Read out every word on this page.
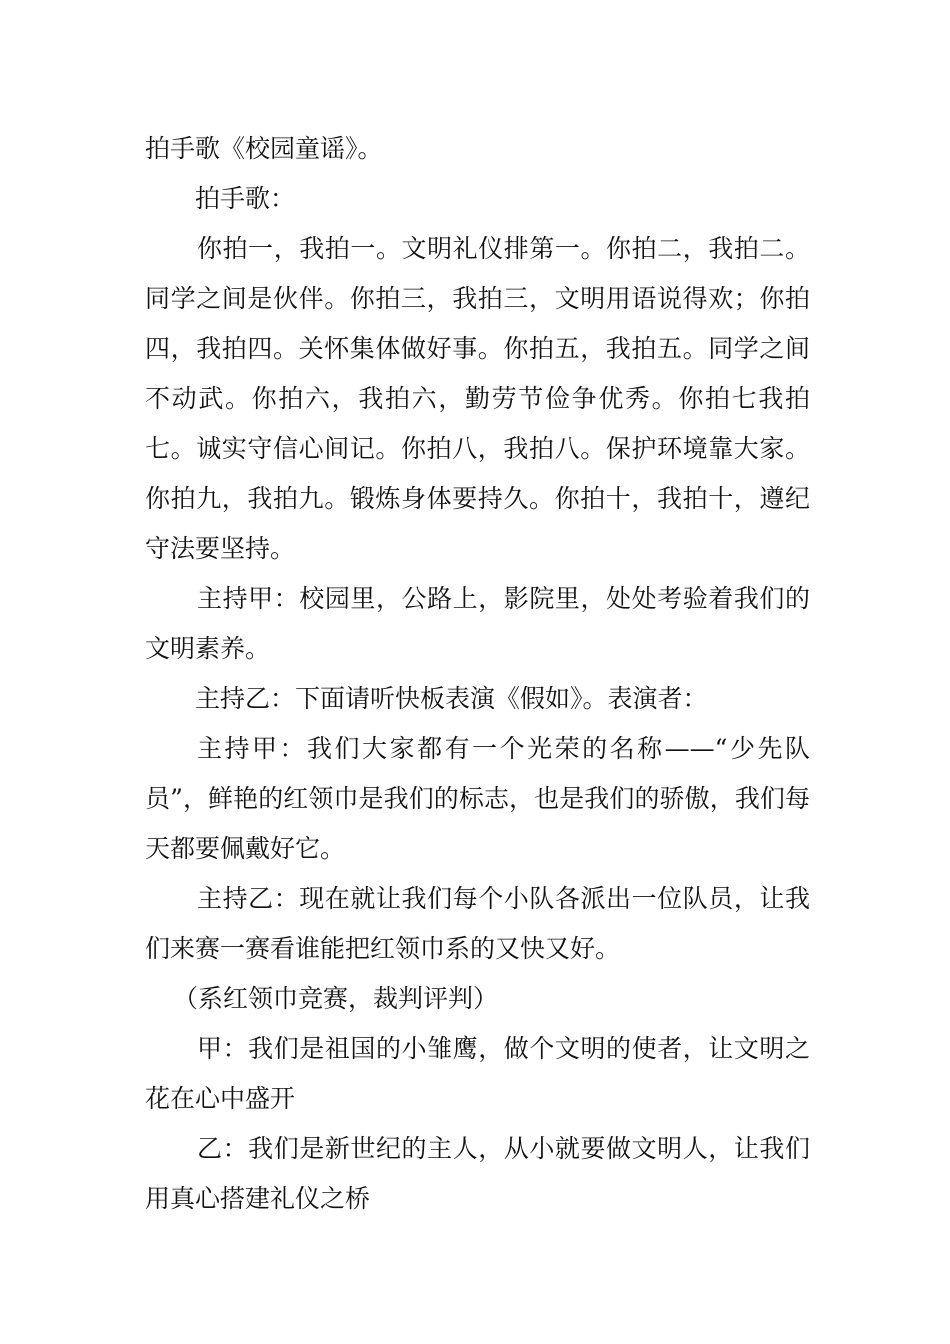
拍手歌《校园童谣》。

拍手歌：

你拍一，我拍一。文明礼仪排第一。你拍二，我拍二。同学之间是伙伴。你拍三，我拍三，文明用语说得欢；你拍四，我拍四。关怀集体做好事。你拍五，我拍五。同学之间不动武。你拍六，我拍六，勤劳节俭争优秀。你拍七我拍七。诚实守信心间记。你拍八，我拍八。保护环境靠大家。你拍九，我拍九。锻炼身体要持久。你拍十，我拍十，遵纪守法要坚持。

主持甲：校园里，公路上，影院里，处处考验着我们的文明素养。

主持乙：下面请听快板表演《假如》。表演者：

主持甲：我们大家都有一个光荣的名称——“少先队员”，鲜艳的红领巾是我们的标志，也是我们的骄傲，我们每天都要佩戴好它。

主持乙：现在就让我们每个小队各派出一位队员，让我们来赛一赛看谁能把红领巾系的又快又好。

（系红领巾竞赛，裁判评判）

甲：我们是祖国的小雏鹰，做个文明的使者，让文明之花在心中盛开

乙：我们是新世纪的主人，从小就要做文明人，让我们用真心搭建礼仪之桥
